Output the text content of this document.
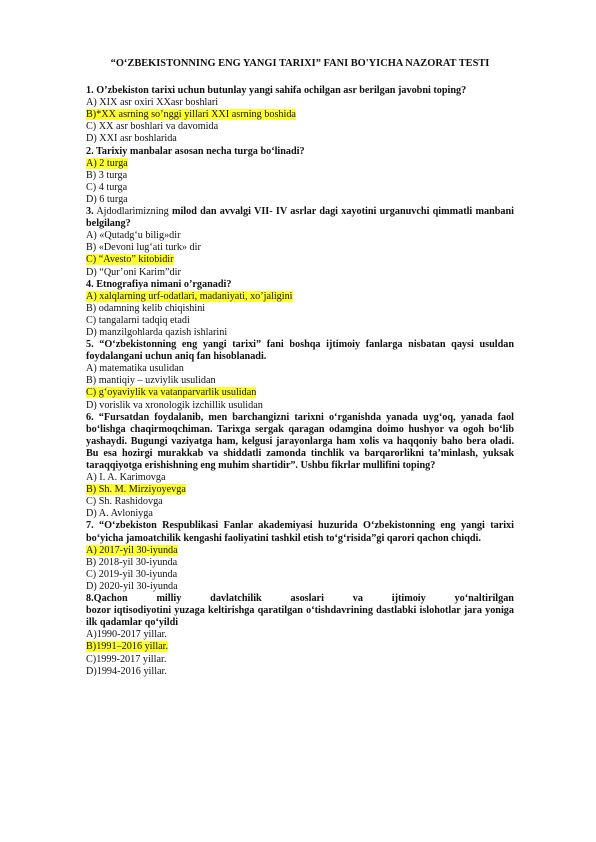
“O‘ZBEKISTONNING ENG YANGI TARIXI” FANI BO'YICHA NAZORAT TESTI
1. O’zbekiston tarixi uchun butunlay yangi sahifa ochilgan asr berilgan javobni toping?
A) XIX asr oxiri XXasr boshlari
B)*XX asrning so’nggi yillari XXI asrning boshida
C) XX asr boshlari va davomida
D) XXI asr boshlarida
2. Tarixiy manbalar asosan necha turga bo‘linadi?
A) 2 turga
B) 3 turga
C) 4 turga
D) 6 turga
3. Ajdodlarimizning milod dan avvalgi VII- IV asrlar dagi xayotini urganuvchi qimmatli manbani belgilang?
A) «Qutadg‘u bilig»dir
B) «Devoni lug‘ati turk» dir
C) “Avesto” kitobidir
D) “Qur’oni Karim”dir
4. Etnografiya nimani o’rganadi?
A) xalqlarning urf-odatlari, madaniyati, xo’jaligini
B) odamning kelib chiqishini
C) tangalarni tadqiq etadi
D) manzilgohlarda qazish ishlarini
5. “O‘zbekistonning eng yangi tarixi” fani boshqa ijtimoiy fanlarga nisbatan qaysi usuldan foydalangani uchun aniq fan hisoblanadi.
A) matematika usulidan
B) mantiqiy – uzviylik usulidan
C) g‘oyaviylik va vatanparvarlik usulidan
D) vorislik va xronologik izchillik usulidan
6. “Fursatdan foydalanib, men barchangizni tarixni o‘rganishda yanada uyg‘oq, yanada faol bo‘lishga chaqirmoqchiman. Tarixga sergak qaragan odamgina doimo hushyor va ogoh bo‘lib yashaydi. Bugungi vaziyatga ham, kelgusi jarayonlarga ham xolis va haqqoniy baho bera oladi. Bu esa hozirgi murakkab va shiddatli zamonda tinchlik va barqarorlikni ta’minlash, yuksak taraqqiyotga erishishning eng muhim shartidir”. Ushbu fikrlar mullifini toping?
A) I. A. Karimovga
B) Sh. M. Mirziyoyevga
C) Sh. Rashidovga
D) A. Avloniyga
7. “O‘zbekiston Respublikasi Fanlar akademiyasi huzurida O‘zbekistonning eng yangi tarixi bo‘yicha jamoatchilik kengashi faoliyatini tashkil etish to‘g‘risida”gi qarori qachon chiqdi.
A) 2017-yil 30-iyunda
B) 2018-yil 30-iyunda
C) 2019-yil 30-iyunda
D) 2020-yil 30-iyunda
8.Qachon	milliy	davlatchilik	asoslari	va	ijtimoiy	yo‘naltirilgan
bozor iqtisodiyotini yuzaga keltirishga qaratilgan o‘tishdavrining dastlabki islohotlar jara yoniga ilk qadamlar qo‘yildi
A)1990-2017 yillar.
B)1991–2016 yillar.
C)1999-2017 yillar.
D)1994-2016 yillar.
